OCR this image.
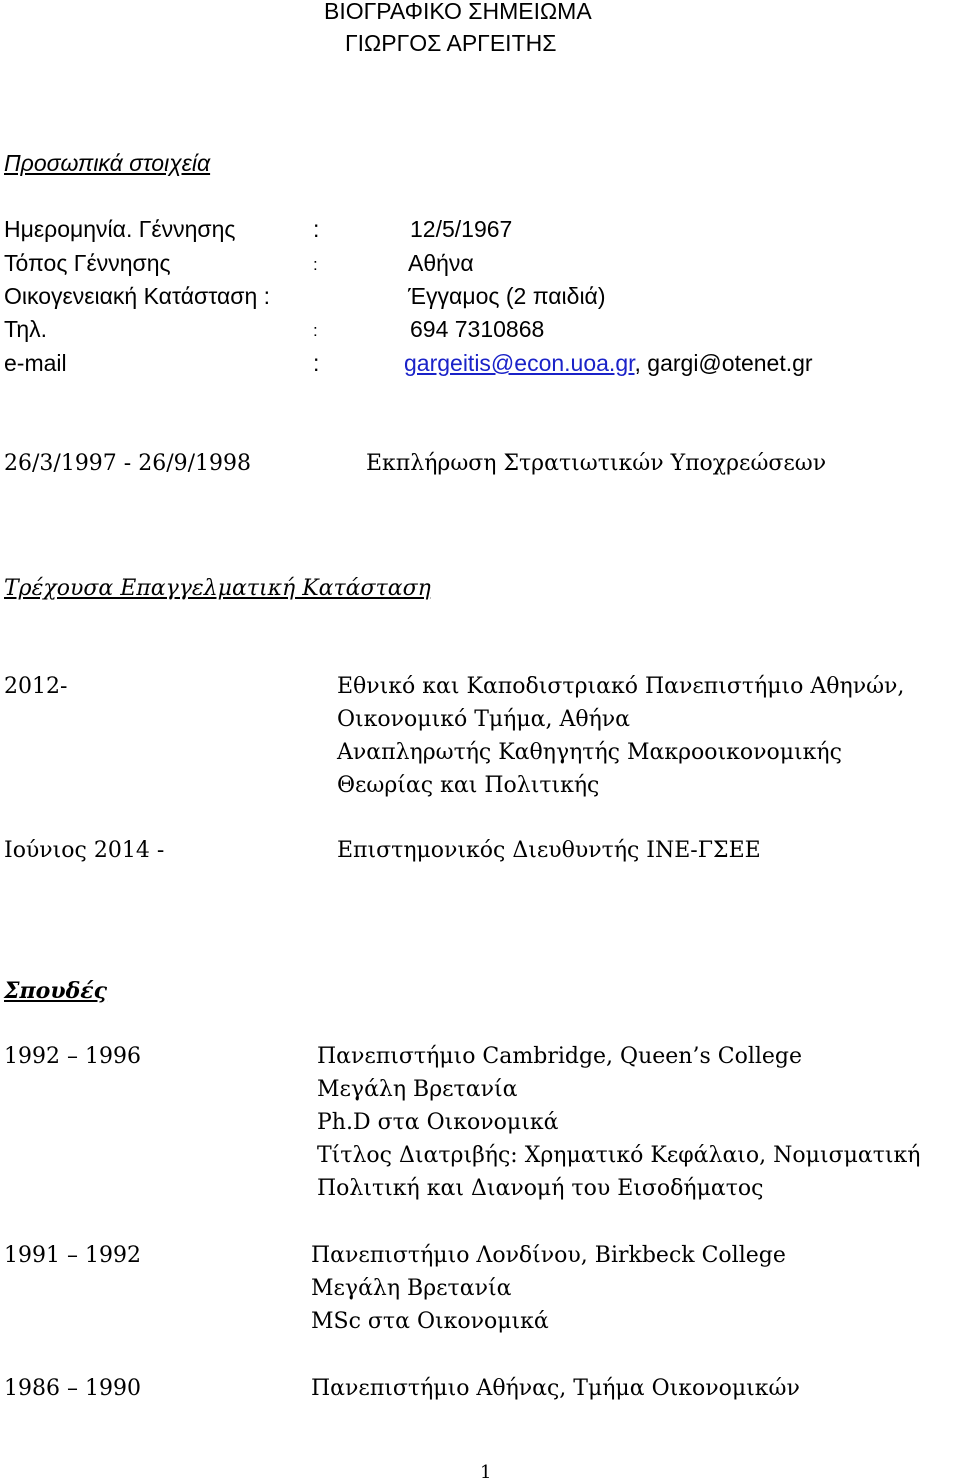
ΒΙΟΓΡΑΦΙΚΟ ΣΗΜΕΙΩΜΑ
ΓΙΩΡΓΟΣ ΑΡΓΕΙΤΗΣ
Προσωπικά στοιχεία
Ημερομηνία. Γέννησης	:	12/5/1967
Τόπος Γέννησης	:	Αθήνα
Οικογενειακή Κατάσταση :	Έγγαμος (2 παιδιά)
Τηλ.	:	694 7310868
e-mail	:	gargeitis@econ.uoa.gr, gargi@otenet.gr
26/3/1997 - 26/9/1998	Εκπλήρωση Στρατιωτικών Υποχρεώσεων
Τρέχουσα Επαγγελματική Κατάσταση
2012-	Εθνικό και Καποδιστριακό Πανεπιστήμιο Αθηνών,
Οικονομικό Τμήμα, Αθήνα
Αναπληρωτής Καθηγητής Μακροοικονομικής
Θεωρίας και Πολιτικής
Ιούνιος 2014 -	Επιστημονικός Διευθυντής ΙΝΕ-ΓΣΕΕ
Σπουδές
1992 – 1996	Πανεπιστήμιο Cambridge, Queen’s College
Μεγάλη Βρετανία
Ph.D στα Οικονομικά
Τίτλος Διατριβής: Χρηματικό Κεφάλαιο, Νομισματική
Πολιτική και Διανομή του Εισοδήματος
1991 – 1992	Πανεπιστήμιο Λονδίνου, Birkbeck College
Μεγάλη Βρετανία
MSc στα Οικονομικά
1986 – 1990	Πανεπιστήμιο Αθήνας, Τμήμα Οικονομικών
1
